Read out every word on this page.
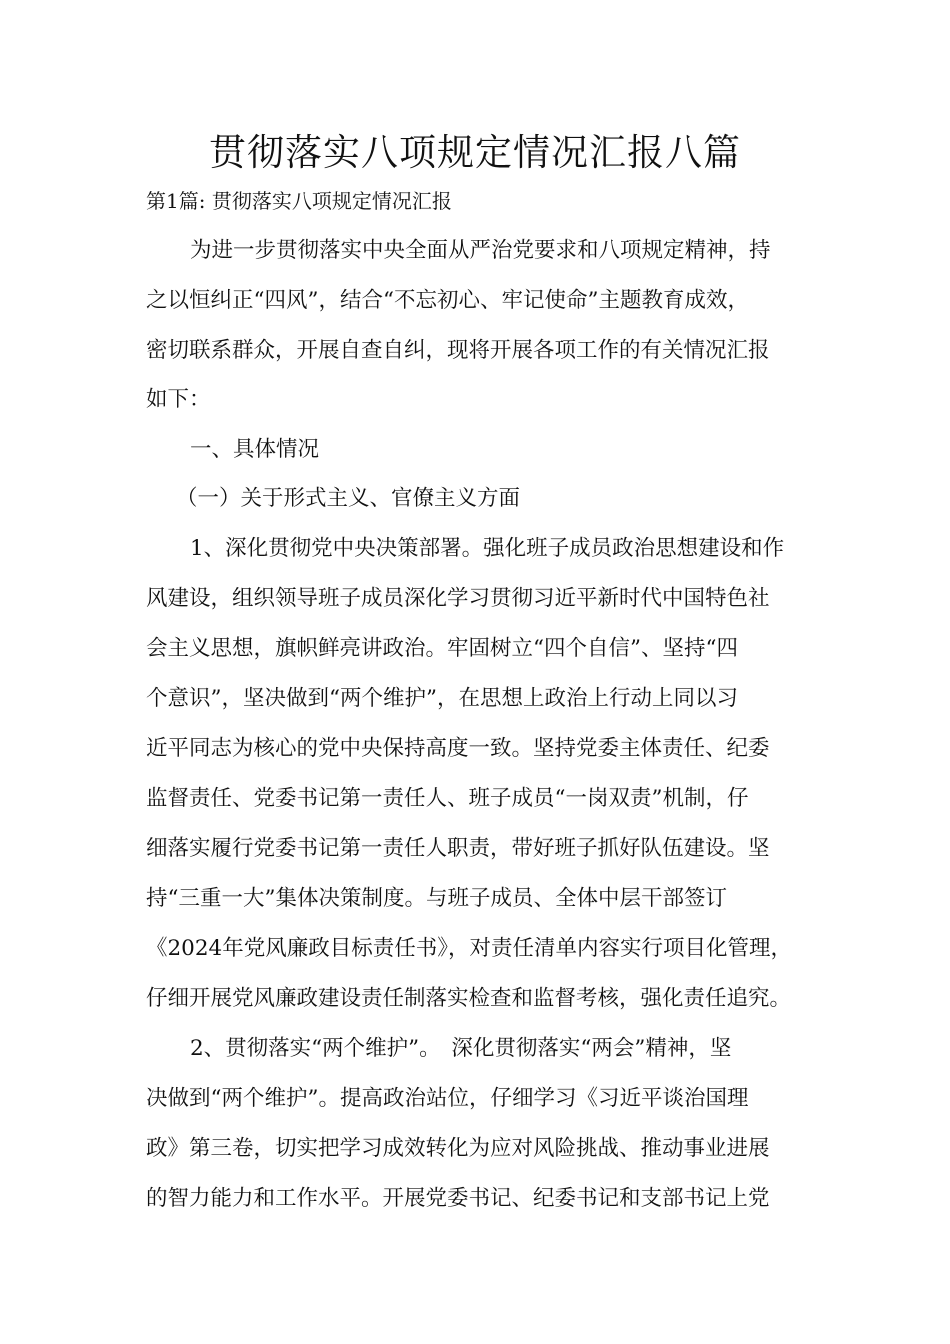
贯彻落实八项规定情况汇报八篇

第1篇: 贯彻落实八项规定情况汇报

为进一步贯彻落实中央全面从严治党要求和八项规定精神，持

之以恒纠正“四风”，结合“不忘初心、牢记使命”主题教育成效，

密切联系群众，开展自查自纠，现将开展各项工作的有关情况汇报

如下：

一、具体情况

（一）关于形式主义、官僚主义方面

1、深化贯彻党中央决策部署。强化班子成员政治思想建设和作

风建设，组织领导班子成员深化学习贯彻习近平新时代中国特色社

会主义思想，旗帜鲜亮讲政治。牢固树立“四个自信”、坚持“四

个意识”，坚决做到“两个维护”，在思想上政治上行动上同以习

近平同志为核心的党中央保持高度一致。坚持党委主体责任、纪委

监督责任、党委书记第一责任人、班子成员“一岗双责”机制，仔

细落实履行党委书记第一责任人职责，带好班子抓好队伍建设。坚

持“三重一大”集体决策制度。与班子成员、全体中层干部签订

《2024年党风廉政目标责任书》，对责任清单内容实行项目化管理，

仔细开展党风廉政建设责任制落实检查和监督考核，强化责任追究。

2、贯彻落实“两个维护”。　深化贯彻落实“两会”精神，坚

决做到“两个维护”。提高政治站位，仔细学习《习近平谈治国理

政》第三卷，切实把学习成效转化为应对风险挑战、推动事业进展

的智力能力和工作水平。开展党委书记、纪委书记和支部书记上党
